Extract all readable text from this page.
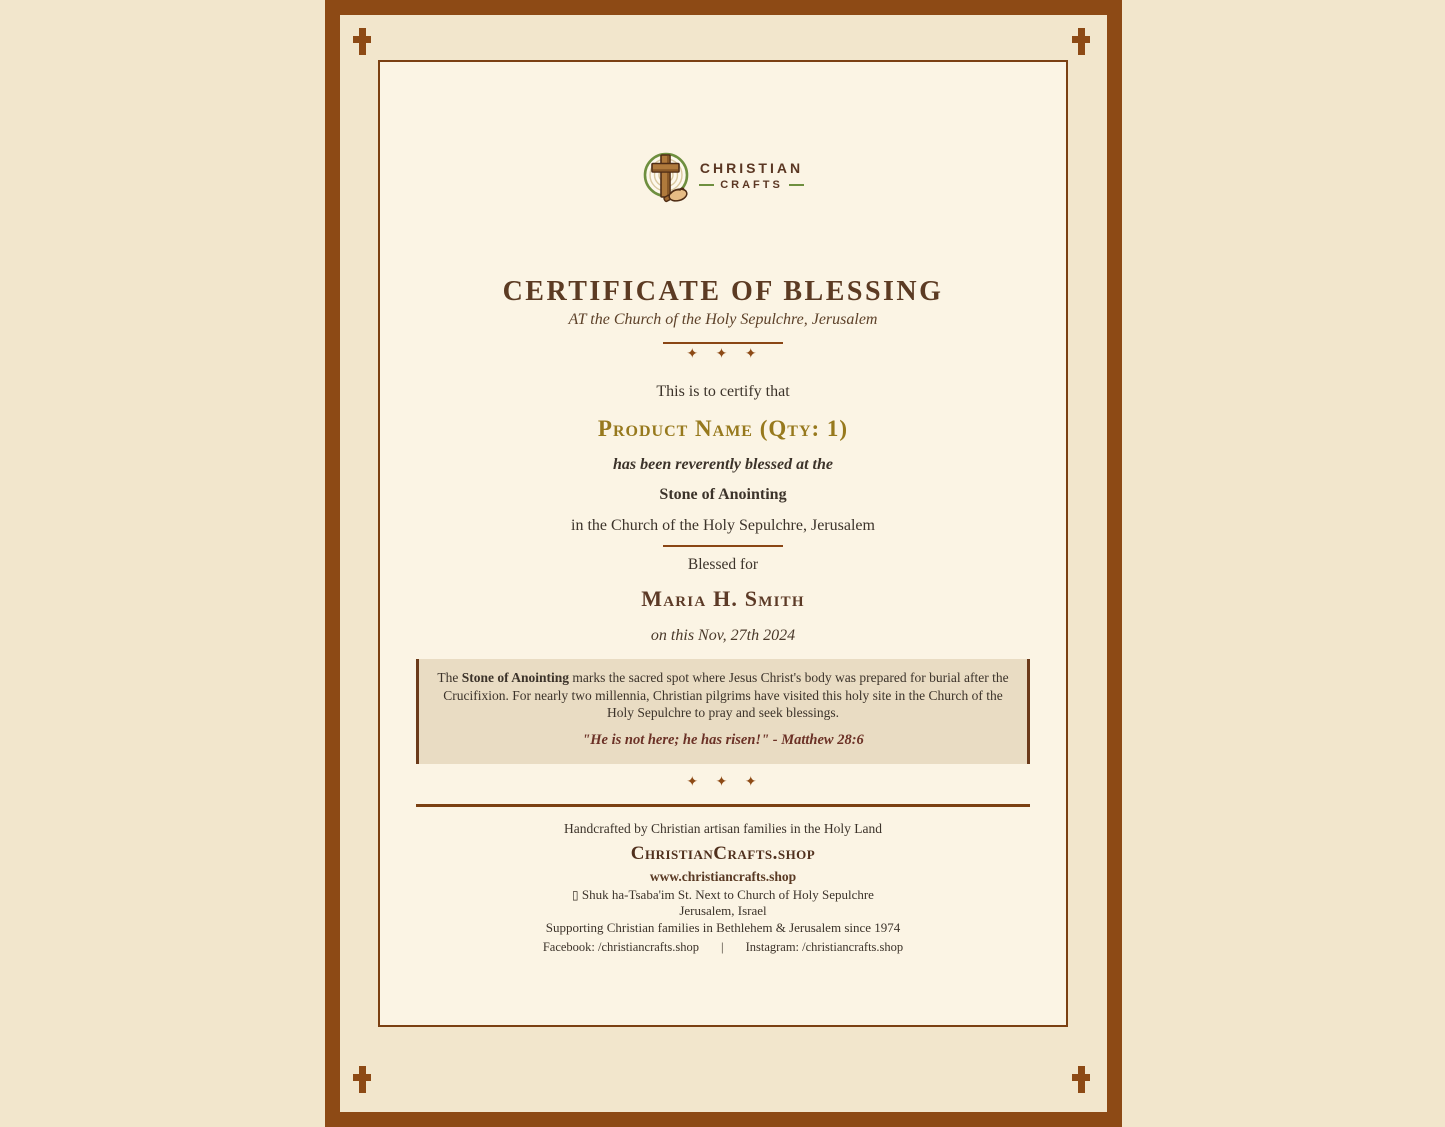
CHRISTIAN
CRAFTS
CERTIFICATE OF BLESSING
AT the Church of the Holy Sepulchre, Jerusalem
✦ ✦ ✦
This is to certify that
Product Name (Qty: 1)
has been reverently blessed at the
Stone of Anointing
in the Church of the Holy Sepulchre, Jerusalem
Blessed for
Maria H. Smith
on this Nov, 27th 2024

The Stone of Anointing marks the sacred spot where Jesus Christ's body was prepared for burial after the Crucifixion. For nearly two millennia, Christian pilgrims have visited this holy site in the Church of the Holy Sepulchre to pray and seek blessings.

"He is not here; he has risen!" - Matthew 28:6

✦ ✦ ✦
Handcrafted by Christian artisan families in the Holy Land
ChristianCrafts.shop
www.christiancrafts.shop
▯ Shuk ha-Tsaba'im St. Next to Church of Holy Sepulchre
Jerusalem, Israel
Supporting Christian families in Bethlehem & Jerusalem since 1974
Facebook: /christiancrafts.shop | Instagram: /christiancrafts.shop
